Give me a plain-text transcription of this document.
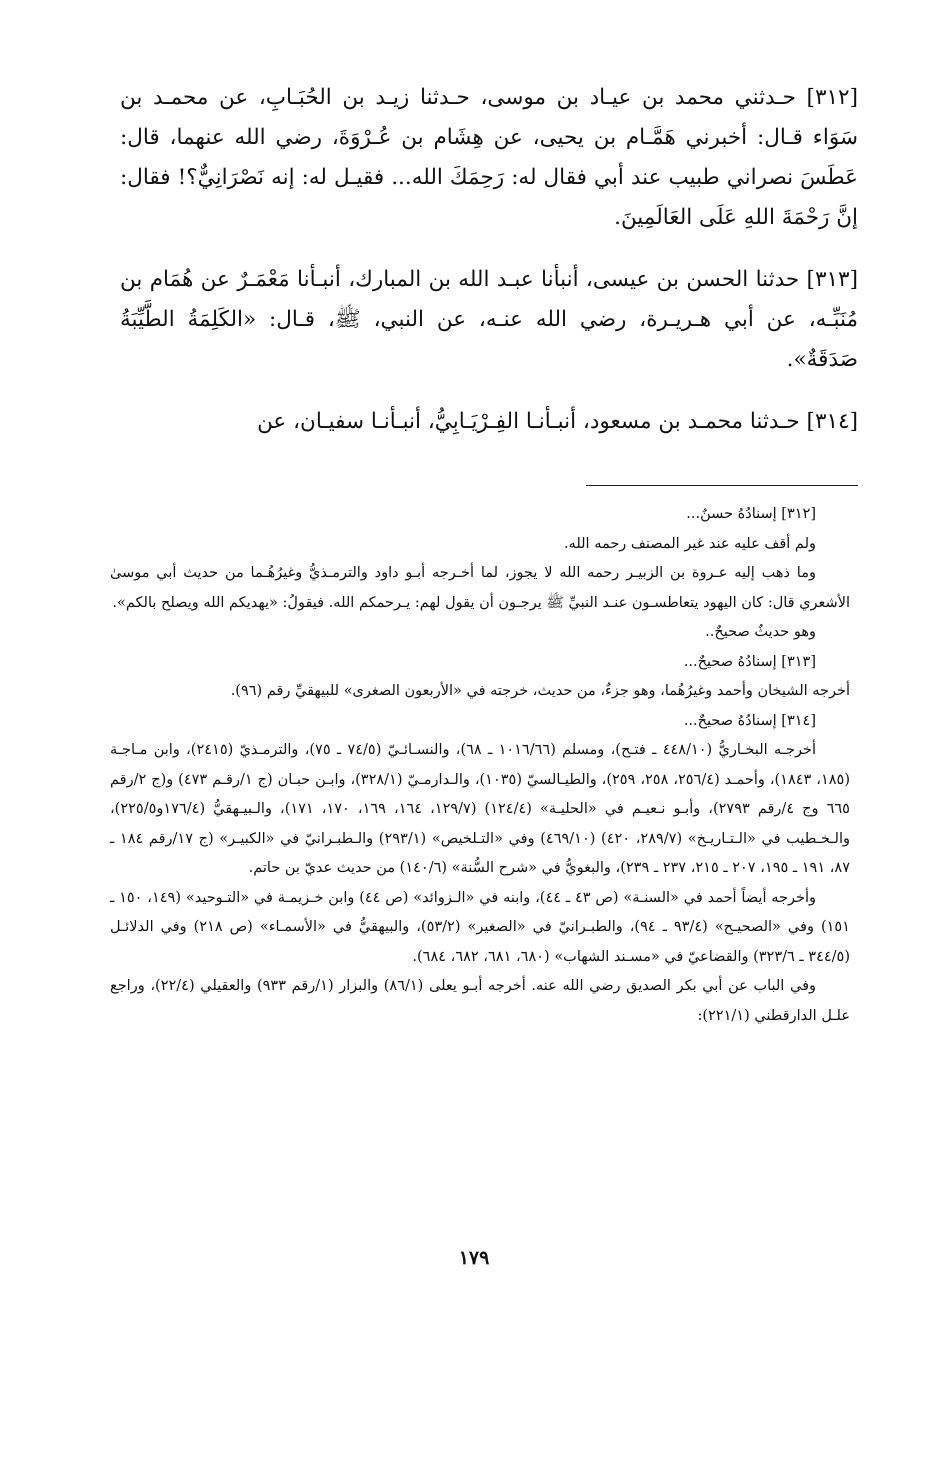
[٣١٢] حـدثني محمد بن عيـاد بن موسى، حـدثنا زيـد بن الحُبَـابِ، عن محمـد بن سَوَاء قـال: أخبرني هَمَّـام بن يحيى، عن هِشَام بن عُـرْوَةَ، رضي الله عنهما، قال: عَطَسَ نصراني طبيب عند أبي فقال له: رَحِمَكَ الله... فقيـل له: إنه نَصْرَانِيٌّ؟! فقال: إنَّ رَحْمَةَ اللهِ عَلَى العَالَمِينَ.

[٣١٣] حدثنا الحسن بن عيسى، أنبأنا عبـد الله بن المبارك، أنبـأنا مَعْمَـرٌ عن هُمَام بن مُنَبِّـه، عن أبي هـريـرة، رضي الله عنـه، عن النبي، ﷺ، قـال: «الكَلِمَةُ الطَّيِّبَةُ صَدَقَةٌ».

[٣١٤] حـدثنا محمـد بن مسعود، أنبـأنـا الفِـرْيَـابِيُّ، أنبـأنـا سفيـان، عن

[٣١٢] إسنادُهُ حسنٌ...

ولم أقف عليه عند غير المصنف رحمه الله.

وما ذهب إليه عـروة بن الزبيـر رحمه الله لا يجوز، لما أخـرجه أبـو داود والترمـذيُّ وغيرُهُـما من حديث أبي موسىٰ الأشعري قال: كان اليهود يتعاطسـون عنـد النبيِّ ﷺ يرجـون أن يقول لهم: يـرحمكم الله. فيقولُ: «يهديكم الله ويصلح بالكم».

وهو حديثٌ صحيحٌ..

[٣١٣] إسنادُهُ صحيحٌ...

أخرجه الشيخان وأحمد وغيرُهُما، وهو جزءٌ، من حديث، خرجته في «الأربعون الصغرى» للبيهقيِّ رقم (٩٦).

[٣١٤] إسنادُهُ صحيحٌ...

أخرجـه البخـاريُّ (٤٤٨/١٠ ـ فتـح)، ومسلم (١٠١٦/٦٦ ـ ٦٨)، والنسـائـيّ (٧٤/٥ ـ ٧٥)، والترمـذيّ (٢٤١٥)، وابن مـاجـة (١٨٥، ١٨٤٣)، وأحمـد (٢٥٦/٤، ٢٥٨، ٢٥٩)، والطيـالسيّ (١٠٣٥)، والـدارمـيّ (٣٢٨/١)، وابـن حبـان (ج ١/رقـم ٤٧٣) و(ج ٢/رقم ٦٦٥ وج ٤/رقم ٢٧٩٣)، وأبـو نـعيـم في «الحليـة» (١٢٤/٤) (١٢٩/٧، ١٦٤، ١٦٩، ١٧٠، ١٧١)، والـبيـهقيُّ (١٧٦/٤و٢٢٥/٥)، والـخـطيب في «الـتـاريـخ» (٢٨٩/٧، ٤٢٠) (٤٦٩/١٠) وفي «التـلخيص» (٢٩٣/١) والـطبـرانيّ في «الكبيـر» (ج ١٧/رقم ١٨٤ ـ ٨٧، ١٩١ ـ ١٩٥، ٢٠٧ ـ ٢١٥، ٢٣٧ ـ ٢٣٩)، والبغويُّ في «شرح السُّنة» (١٤٠/٦) من حديث عديّ بن حاتم.

وأخرجه أيضاً أحمد في «السنـة» (ص ٤٣ ـ ٤٤)، وابنه في «الـزوائد» (ص ٤٤) وابن خـزيمـة في «التـوحيد» (١٤٩، ١٥٠ ـ ١٥١) وفي «الصحيـح» (٩٣/٤ ـ ٩٤)، والطبـرانيّ في «الصغير» (٥٣/٢)، والبيهقيُّ في «الأسمـاء» (ص ٢١٨) وفي الدلائـل (٣٤٤/٥ ـ ٣٢٣/٦) والقضاعيّ في «مسـند الشهاب» (٦٨٠، ٦٨١، ٦٨٢، ٦٨٤).

وفي الباب عن أبي بكر الصديق رضي الله عنه. أخرجه أبـو يعلى (٨٦/١) والبزار (١/رقم ٩٣٣) والعقيلي (٢٢/٤)، وراجع علـل الدارقطني (٢٢١/١):

١٧٩
